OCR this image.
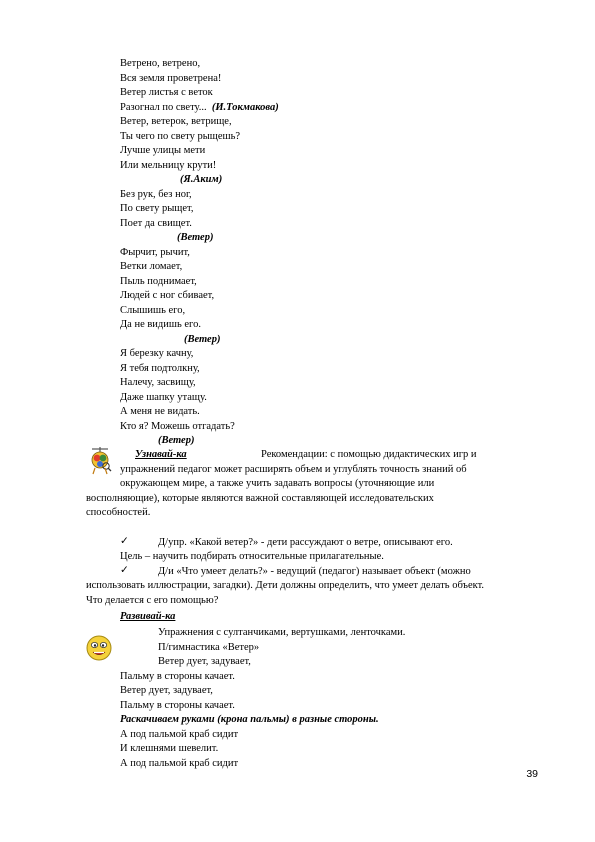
Ветрено, ветрено,
Вся земля проветрена!
Ветер листья с веток
Разогнал по свету... (И.Токмакова)
Ветер, ветерок, ветрище,
Ты чего по свету рыщешь?
Лучше улицы мети
Или мельницу крути!
(Я.Аким)
Без рук, без ног,
По свету рыщет,
Поет да свищет.
(Ветер)
Фырчит, рычит,
Ветки ломает,
Пыль поднимает,
Людей с ног сбивает,
Слышишь его,
Да не видишь его.
(Ветер)
Я березку качну,
Я тебя подтолкну,
Налечу, засвищу,
Даже шапку утащу.
А меня не видать.
Кто я? Можешь отгадать?
(Ветер)
Узнавай-ка	Рекомендации: с помощью дидактических игр и
упражнений педагог может расширять объем и углублять точность знаний об
окружающем мире, а также учить задавать вопросы (уточняющие или
восполняющие), которые являются важной составляющей исследовательских
способностей.
✓	Д/упр. «Какой ветер?» - дети рассуждают о ветре, описывают его.
Цель – научить подбирать относительные прилагательные.
✓	Д/и «Что умеет делать?» - ведущий (педагог) называет объект (можно
использовать иллюстрации, загадки). Дети должны определить, что умеет делать объект.
Что делается с его помощью?
Развивай-ка
Упражнения с султанчиками, вертушками, ленточками.
П/гимнастика «Ветер»
Ветер дует, задувает,
Пальму в стороны качает.
Ветер дует, задувает,
Пальму в стороны качает.
Раскачиваем руками (крона пальмы) в разные стороны.
А под пальмой краб сидит
И клешнями шевелит.
А под пальмой краб сидит
39
